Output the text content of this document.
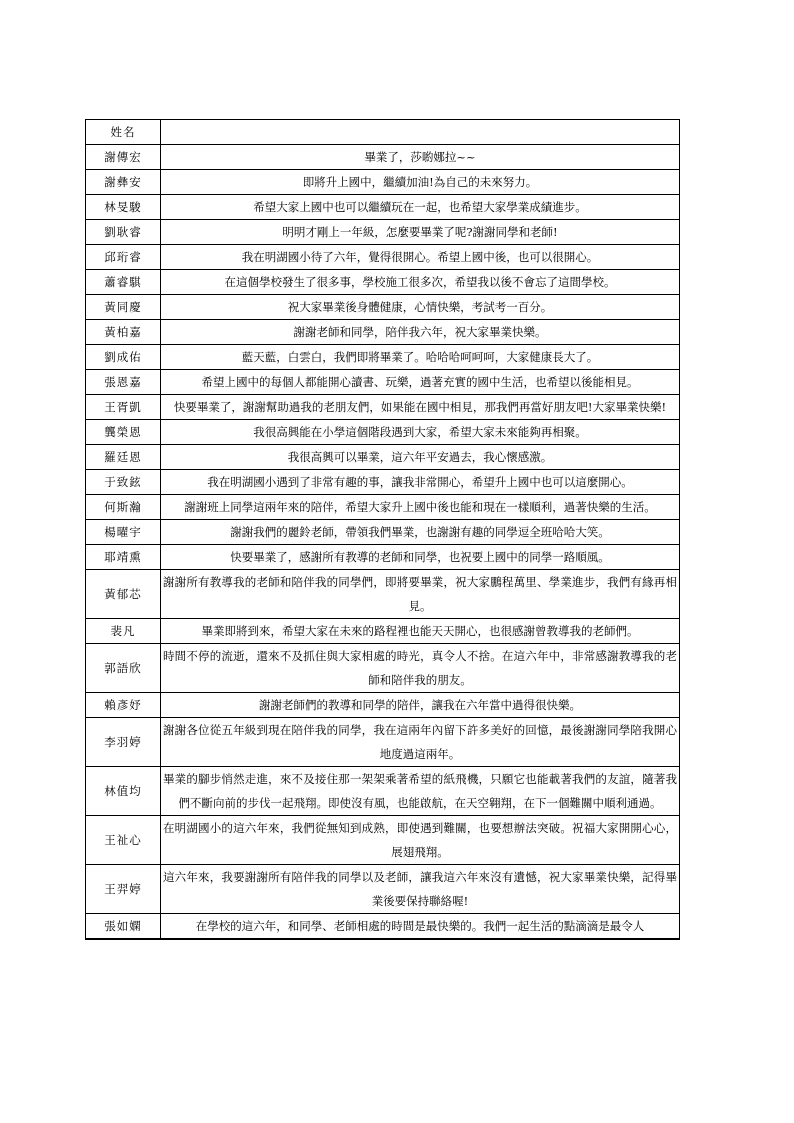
姓名	
謝傳宏	畢業了，莎喲娜拉~~
謝彝安	即將升上國中，繼續加油!為自己的未來努力。
林旻駿	希望大家上國中也可以繼續玩在一起，也希望大家學業成績進步。
劉耿睿	明明才剛上一年級，怎麼要畢業了呢?謝謝同學和老師!
邱珩睿	我在明湖國小待了六年，覺得很開心。希望上國中後，也可以很開心。
蕭睿騏	在這個學校發生了很多事，學校施工很多次，希望我以後不會忘了這間學校。
黃同慶	祝大家畢業後身體健康，心情快樂，考試考一百分。
黃柏嘉	謝謝老師和同學，陪伴我六年，祝大家畢業快樂。
劉成佑	藍天藍，白雲白，我們即將畢業了。哈哈哈呵呵呵，大家健康長大了。
張恩嘉	希望上國中的每個人都能開心讀書、玩樂，過著充實的國中生活，也希望以後能相見。
王胥凱	快要畢業了，謝謝幫助過我的老朋友們，如果能在國中相見，那我們再當好朋友吧!大家畢業快樂!
龔榮恩	我很高興能在小學這個階段遇到大家，希望大家未來能夠再相聚。
羅廷恩	我很高興可以畢業，這六年平安過去，我心懷感激。
于致鉉	我在明湖國小遇到了非常有趣的事，讓我非常開心，希望升上國中也可以這麼開心。
何斯瀚	謝謝班上同學這兩年來的陪伴，希望大家升上國中後也能和現在一樣順利，過著快樂的生活。
楊曜宇	謝謝我們的麗鈴老師，帶領我們畢業，也謝謝有趣的同學逗全班哈哈大笑。
耶靖熏	快要畢業了，感謝所有教導的老師和同學，也祝要上國中的同學一路順風。
黃郁芯	謝謝所有教導我的老師和陪伴我的同學們，即將要畢業，祝大家鵬程萬里、學業進步，我們有緣再相見。
裴凡	畢業即將到來，希望大家在未來的路程裡也能天天開心，也很感謝曾教導我的老師們。
郭語欣	時間不停的流逝，還來不及抓住與大家相處的時光，真令人不捨。在這六年中，非常感謝教導我的老師和陪伴我的朋友。
賴彥妤	謝謝老師們的教導和同學的陪伴，讓我在六年當中過得很快樂。
李羽婷	謝謝各位從五年級到現在陪伴我的同學，我在這兩年內留下許多美好的回憶，最後謝謝同學陪我開心地度過這兩年。
林值均	畢業的腳步悄然走進，來不及接住那一架架乘著希望的紙飛機，只願它也能載著我們的友誼，隨著我們不斷向前的步伐一起飛翔。即使沒有風，也能啟航，在天空翱翔，在下一個難關中順利通過。
王祉心	在明湖國小的這六年來，我們從無知到成熟，即使遇到難關，也要想辦法突破。祝福大家開開心心，展翅飛翔。
王羿婷	這六年來，我要謝謝所有陪伴我的同學以及老師，讓我這六年來沒有遺憾，祝大家畢業快樂，記得畢業後要保持聯絡喔!
張如嫻	在學校的這六年，和同學、老師相處的時間是最快樂的。我們一起生活的點滴滴是最令人
